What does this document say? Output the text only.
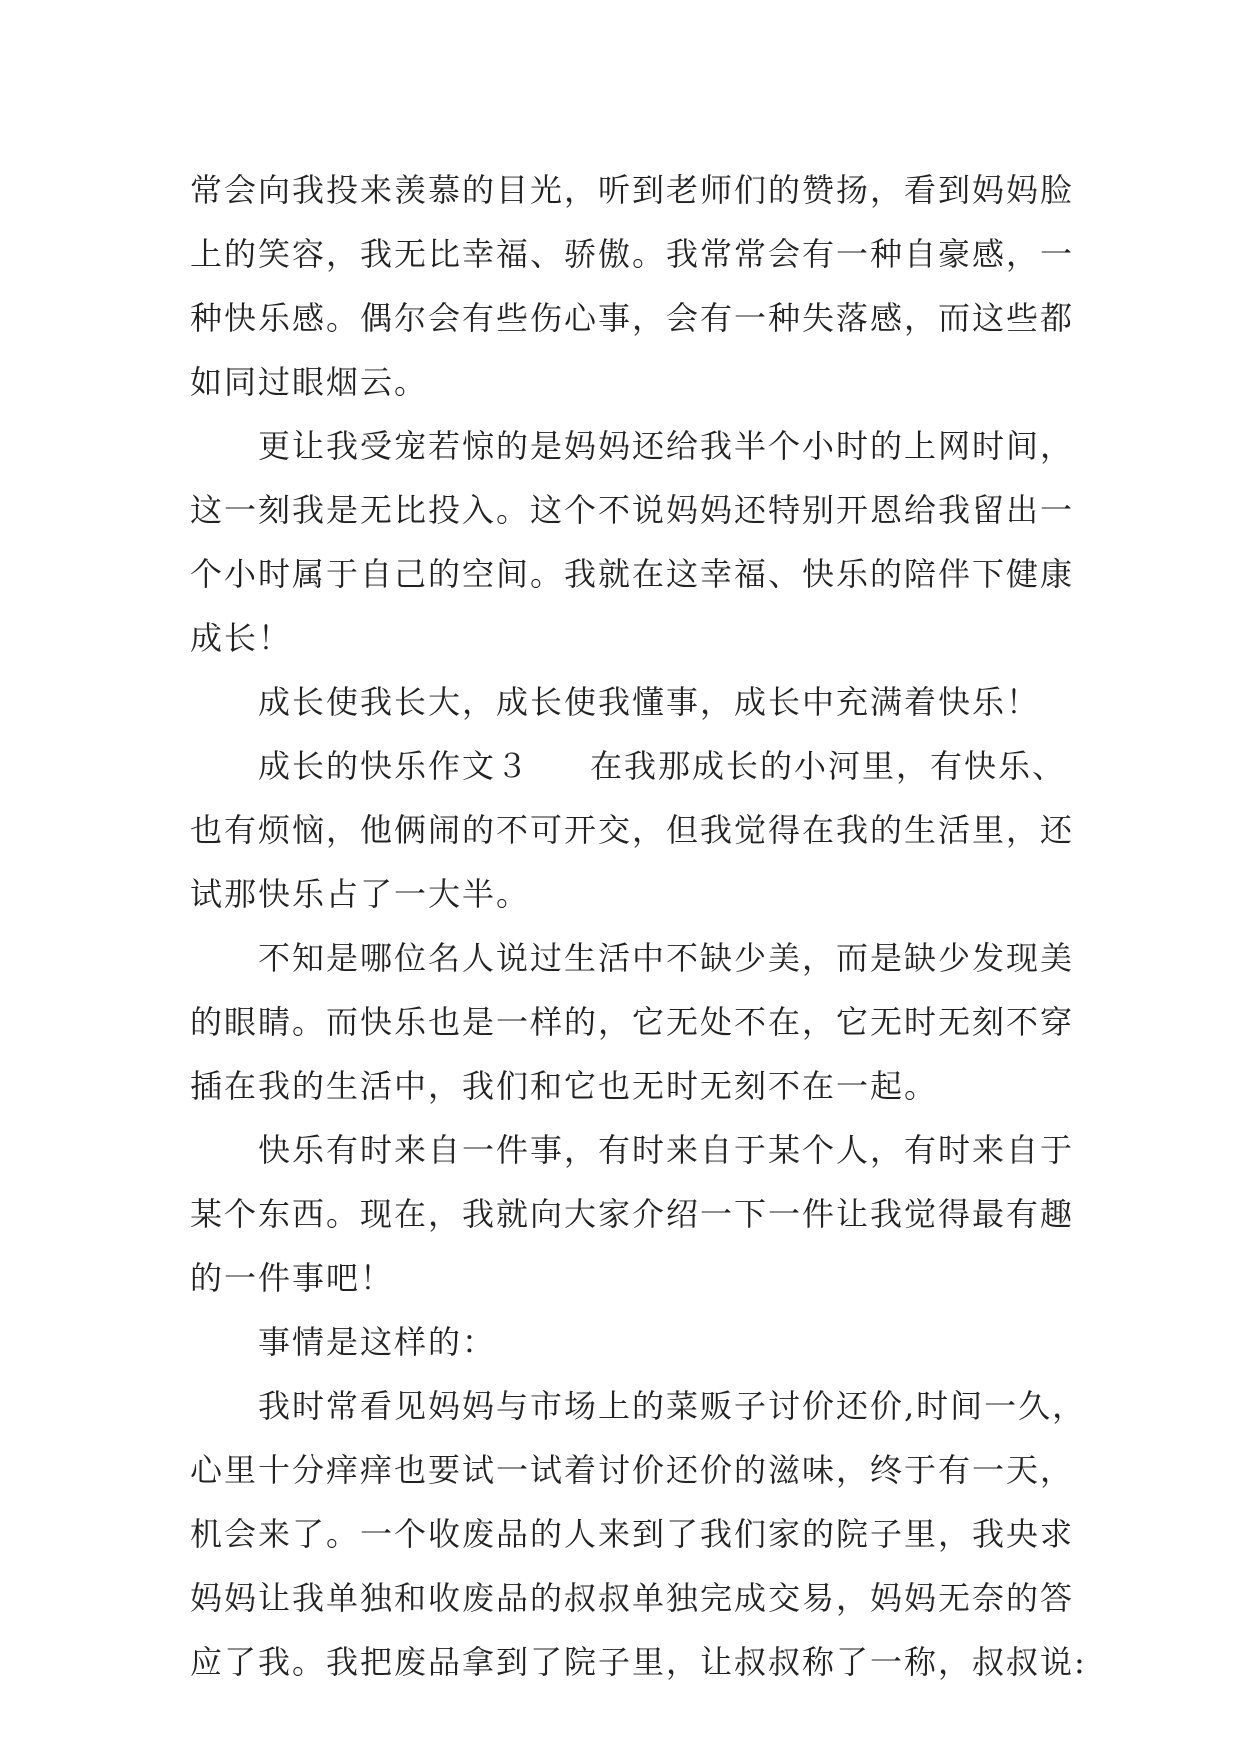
常会向我投来羡慕的目光，听到老师们的赞扬，看到妈妈脸
上的笑容，我无比幸福、骄傲。我常常会有一种自豪感，一
种快乐感。偶尔会有些伤心事，会有一种失落感，而这些都
如同过眼烟云。
更让我受宠若惊的是妈妈还给我半个小时的上网时间，
这一刻我是无比投入。这个不说妈妈还特别开恩给我留出一
个小时属于自己的空间。我就在这幸福、快乐的陪伴下健康
成长！
成长使我长大，成长使我懂事，成长中充满着快乐！
成长的快乐作文３ 在我那成长的小河里，有快乐、
也有烦恼，他俩闹的不可开交，但我觉得在我的生活里，还
试那快乐占了一大半。
不知是哪位名人说过生活中不缺少美，而是缺少发现美
的眼睛。而快乐也是一样的，它无处不在，它无时无刻不穿
插在我的生活中，我们和它也无时无刻不在一起。
快乐有时来自一件事，有时来自于某个人，有时来自于
某个东西。现在，我就向大家介绍一下一件让我觉得最有趣
的一件事吧！
事情是这样的：
我时常看见妈妈与市场上的菜贩子讨价还价,时间一久，
心里十分痒痒也要试一试着讨价还价的滋味，终于有一天，
机会来了。一个收废品的人来到了我们家的院子里，我央求
妈妈让我单独和收废品的叔叔单独完成交易，妈妈无奈的答
应了我。我把废品拿到了院子里，让叔叔称了一称，叔叔说:
